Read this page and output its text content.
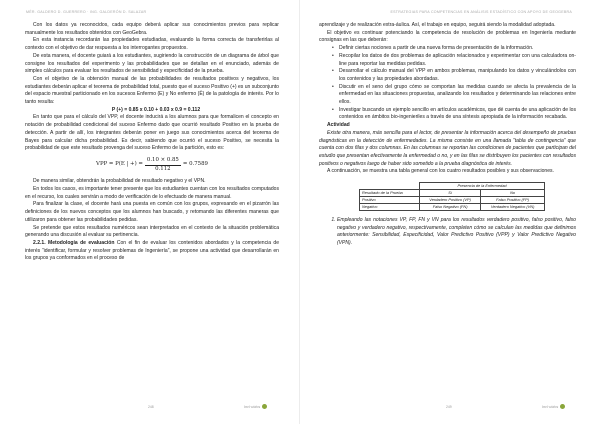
MÉR. GALDERO D. GUERRERO · ING. GALDERÓN D. SALAZAR

Con los datos ya reconocidos, cada equipo deberá aplicar sus conocimientos previos para replicar manualmente los resultados obtenidos con GeoGebra.

En esta instancia recordarán las propiedades estudiadas, evaluando la forma correcta de transferirlas al contexto con el objetivo de dar respuesta a los interrogantes propuestos.

De esta manera, el docente guiará a los estudiantes, sugiriendo la construcción de un diagrama de árbol que consigne los resultados del experimento y las probabilidades que se detallan en el enunciado, además de simples cálculos para evaluar los resultados de sensibilidad y especificidad de la prueba.

Con el objetivo de la obtención manual de las probabilidades de resultados positivos y negativos, los estudiantes deberán aplicar el teorema de probabilidad total, puesto que el suceso Positivo (+) es un subconjunto del espacio muestral particionado en los sucesos Enfermo (E) y No enfermo (Ē) de la patología de interés. Por lo tanto resulta:

P (+) = 0.85 x 0.10 + 0.03 x 0.9 = 0.112

En tanto que para el cálculo del VPP, el docente inducirá a los alumnos para que formalicen el concepto en notación de probabilidad condicional del suceso Enfermo dado que ocurrió resultado Positivo en la prueba de detección. A partir de allí, los integrantes deberán poner en juego sus conocimientos acerca del teorema de Bayes para calcular dicha probabilidad. Es decir, sabiendo que ocurrió el suceso Positivo, se necesita la probabilidad de que este resultado provenga del suceso Enfermo de la partición, esto es:

VPP = P(E | +) = $\frac{0.10 \times 0.85}{0.112} = 0.7589$

De manera similar, obtendrán la probabilidad de resultado negativo y el VPN.

En todos los casos, es importante tener presente que los estudiantes cuentan con los resultados computados en el recurso, los cuales servirán a modo de verificación de lo efectuado de manera manual.

Para finalizar la clase, el docente hará una puesta en común con los grupos, expresando en el pizarrón las definiciones de los nuevos conceptos que los alumnos han buscado, y retomando las diferentes maneras que utilizaron para obtener las probabilidades pedidas.

Se pretende que estos resultados numéricos sean interpretados en el contexto de la situación problemática generando una discusión al evaluar su pertinencia.

2.2.1. Metodología de evaluación Con el fin de evaluar los contenidos abordados y la competencia de interés “identificar, formular y resolver problemas de Ingeniería”, se propone una actividad que desarrollarán en los grupos ya conformados en el proceso de

248	Incl·uidos
ESTRATEGIAS PARA COMPETENCIAS EN ANÁLISIS ESTADÍSTICO CON APOYO DE GEOGEBRA

aprendizaje y de realización extra-áulica. Así, el trabajo en equipo, seguirá siendo la modalidad adoptada.

El objetivo es continuar potenciando la competencia de resolución de problemas en Ingeniería mediante consignas en las que deberán:

• Definir ciertas nociones a partir de una nueva forma de presentación de la información.
• Recopilar los datos de dos problemas de aplicación relacionados y experimentar con una calculadora on-line para reportar las medidas pedidas.
• Desarrollar el cálculo manual del VPP en ambos problemas, manipulando los datos y vinculándolos con los contenidos y las propiedades abordadas.
• Discutir en el seno del grupo cómo se comportan las medidas cuando se afecta la prevalencia de la enfermedad en las situaciones propuestas, analizando los resultados y determinando las relaciones entre ellos.
• Investigar buscando un ejemplo sencillo en artículos académicos, que dé cuenta de una aplicación de los contenidos en ámbitos bio-ingenieriles a través de una síntesis apropiada de la información recabada.

Actividad

Existe otra manera, más sencilla para el lector, de presentar la información acerca del desempeño de pruebas diagnósticas en la detección de enfermedades. La misma consiste en una llamada “tabla de contingencia” que cuenta con dos filas y dos columnas. En las columnas se reportan las condiciones de pacientes que participan del estudio que presentan efectivamente la enfermedad o no, y en las filas se distribuyen los pacientes con resultados positivos o negativos luego de haber sido sometido a la prueba diagnóstica de interés.

A continuación, se muestra una tabla general con los cuatro resultados posibles y sus observaciones.

	Presencia de la Enfermedad	
Resultado de la Prueba	Sí	No
Positivo	Verdadero Positivo (VP)	Falso Positivo (FP)
Negativo	Falso Negativo (FN)	Verdadero Negativo (VN)
1. Empleando las notaciones VP, FP, FN y VN para los resultados verdadero positivo, falso positivo, falso negativo y verdadero negativo, respectivamente, completen cómo se calculan las medidas que definimos anteriormente: Sensibilidad, Especificidad, Valor Predictivo Positivo (VPP) y Valor Predictivo Negativo (VPN).
249	Incl·uidos
